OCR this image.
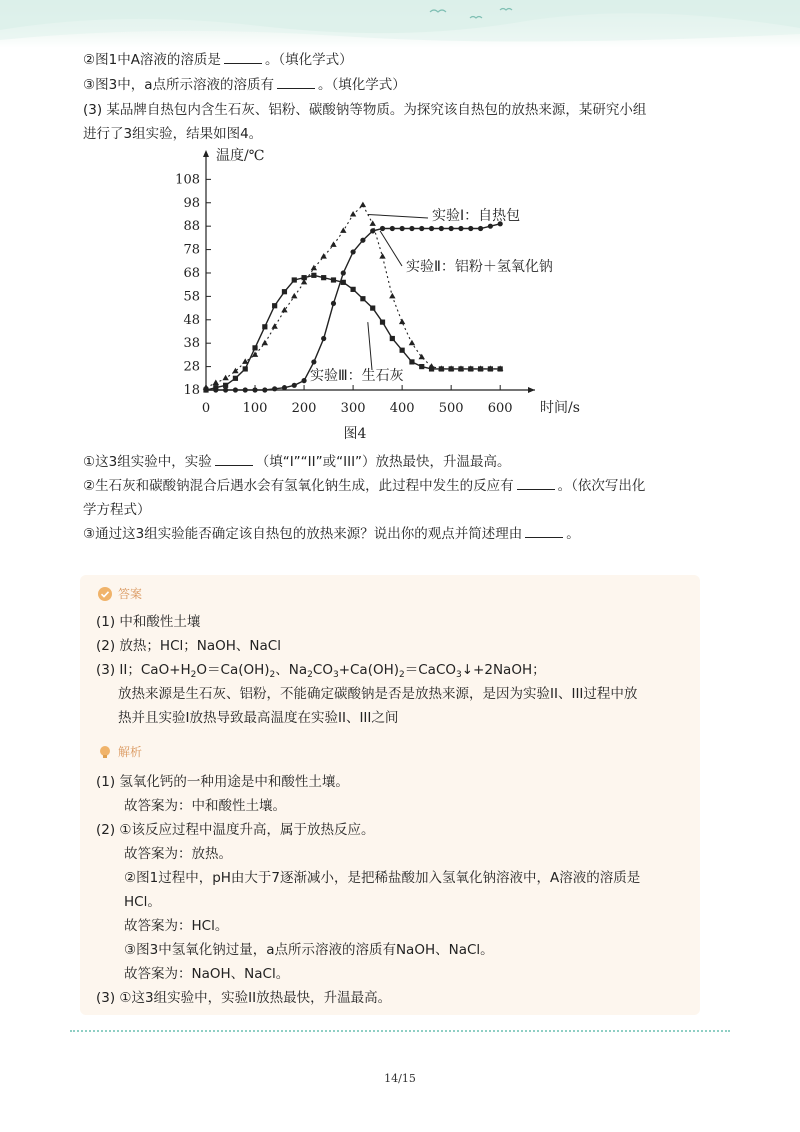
②图1中A溶液的溶质是	。（填化学式）
③图3中，a点所示溶液的溶质有	。（填化学式）
(3) 某品牌自热包内含生石灰、铝粉、碳酸钠等物质。为探究该自热包的放热来源，某研究小组
进行了3组实验，结果如图4。
0 100 200 300 400 500 600
18
28
38
48
58
68
78
88
98
108
温度/℃
时间/s
图4
实验Ⅰ：自热包
实验Ⅱ：铝粉＋氢氧化钠
实验Ⅲ：生石灰
①这3组实验中，实验	（填“I”“II”或“III”）放热最快，升温最高。
②生石灰和碳酸钠混合后遇水会有氢氧化钠生成，此过程中发生的反应有	。（依次写出化
学方程式）
③通过这3组实验能否确定该自热包的放热来源？说出你的观点并简述理由	。
答案
(1) 中和酸性土壤
(2) 放热；HCl；NaOH、NaCl
(3) II；$CaO+H_2O=Ca(OH)_2$、$Na_2CO_3+Ca(OH)_2=CaCO_3↓+2NaOH$；
放热来源是生石灰、铝粉，不能确定碳酸钠是否是放热来源，是因为实验II、III过程中放
热并且实验I放热导致最高温度在实验II、III之间
解析
(1) 氢氧化钙的一种用途是中和酸性土壤。
故答案为：中和酸性土壤。
(2) ①该反应过程中温度升高，属于放热反应。
故答案为：放热。
②图1过程中，pH由大于7逐渐减小，是把稀盐酸加入氢氧化钠溶液中，A溶液的溶质是
HCl。
故答案为：HCl。
③图3中氢氧化钠过量，a点所示溶液的溶质有NaOH、NaCl。
故答案为：NaOH、NaCl。
(3) ①这3组实验中，实验II放热最快，升温最高。
14/15
